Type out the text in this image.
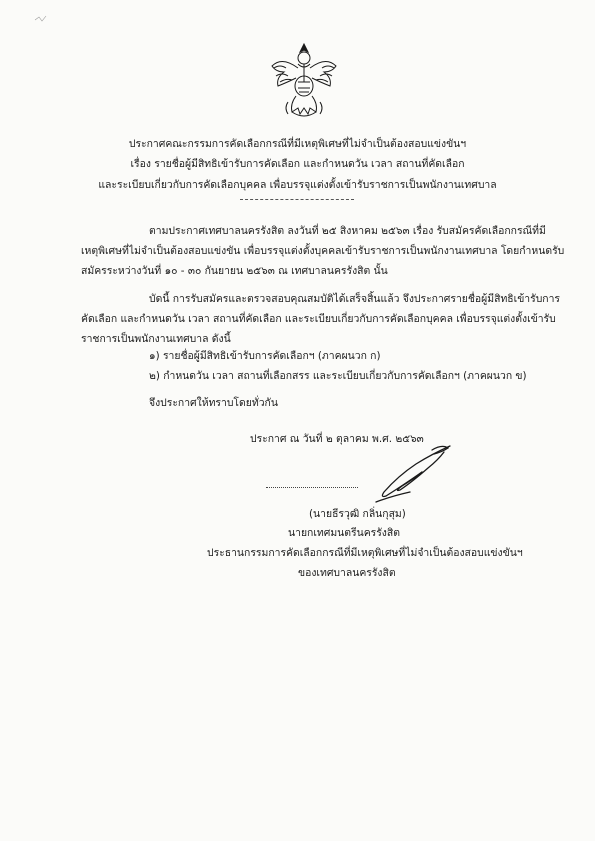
ประกาศคณะกรรมการคัดเลือกกรณีที่มีเหตุพิเศษที่ไม่จำเป็นต้องสอบแข่งขันฯ
เรื่อง รายชื่อผู้มีสิทธิเข้ารับการคัดเลือก และกำหนดวัน เวลา สถานที่คัดเลือก
และระเบียบเกี่ยวกับการคัดเลือกบุคคล เพื่อบรรจุแต่งตั้งเข้ารับราชการเป็นพนักงานเทศบาล
ตามประกาศเทศบาลนครรังสิต ลงวันที่ ๒๕ สิงหาคม ๒๕๖๓ เรื่อง รับสมัครคัดเลือกกรณีที่มี
เหตุพิเศษที่ไม่จำเป็นต้องสอบแข่งขัน เพื่อบรรจุแต่งตั้งบุคคลเข้ารับราชการเป็นพนักงานเทศบาล โดยกำหนดรับ
สมัครระหว่างวันที่ ๑๐ - ๓๐ กันยายน ๒๕๖๓ ณ เทศบาลนครรังสิต นั้น
บัดนี้ การรับสมัครและตรวจสอบคุณสมบัติได้เสร็จสิ้นแล้ว จึงประกาศรายชื่อผู้มีสิทธิเข้ารับการ
คัดเลือก และกำหนดวัน เวลา สถานที่คัดเลือก และระเบียบเกี่ยวกับการคัดเลือกบุคคล เพื่อบรรจุแต่งตั้งเข้ารับ
ราชการเป็นพนักงานเทศบาล ดังนี้
๑) รายชื่อผู้มีสิทธิเข้ารับการคัดเลือกฯ (ภาคผนวก ก)
๒) กำหนดวัน เวลา สถานที่เลือกสรร และระเบียบเกี่ยวกับการคัดเลือกฯ (ภาคผนวก ข)
จึงประกาศให้ทราบโดยทั่วกัน
ประกาศ ณ วันที่ ๒ ตุลาคม พ.ศ. ๒๕๖๓
(นายธีรวุฒิ กลิ่นกุสุม)
นายกเทศมนตรีนครรังสิต
ประธานกรรมการคัดเลือกกรณีที่มีเหตุพิเศษที่ไม่จำเป็นต้องสอบแข่งขันฯ
ของเทศบาลนครรังสิต
